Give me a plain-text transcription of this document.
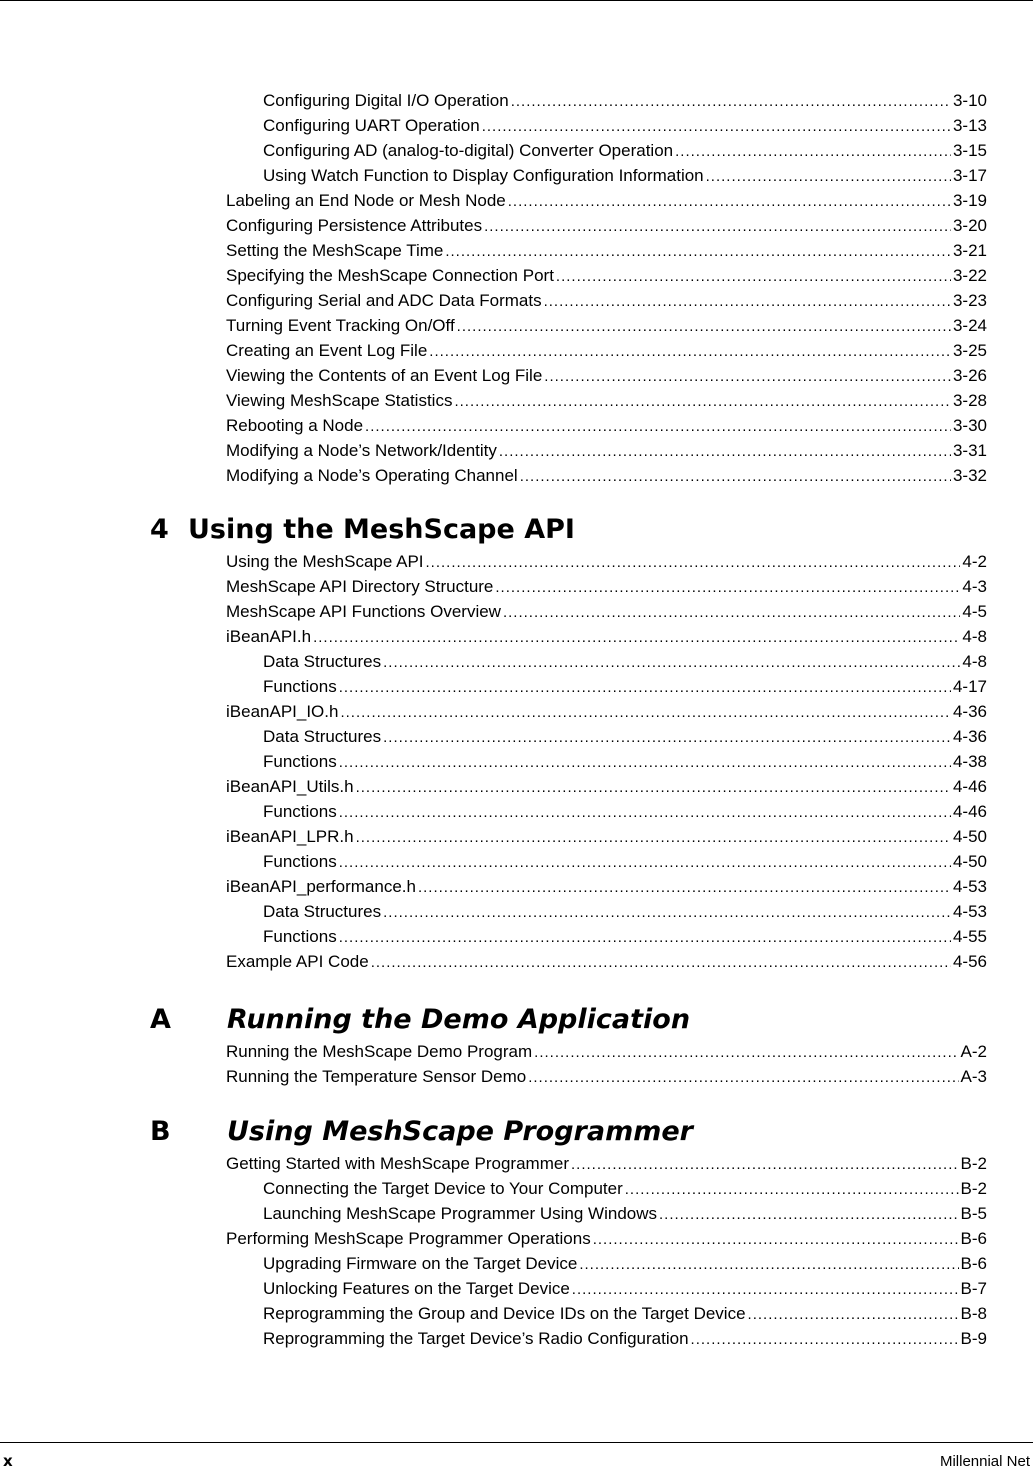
4 Using the MeshScape API
A Running the Demo Application
B Using MeshScape Programmer
Configuring Digital I/O Operation .....	3-10
Configuring UART Operation .....	3-13
Configuring AD (analog-to-digital) Converter Operation .....	3-15
Using Watch Function to Display Configuration Information .....	3-17
Labeling an End Node or Mesh Node .....	3-19
Configuring Persistence Attributes .....	3-20
Setting the MeshScape Time .....	3-21
Specifying the MeshScape Connection Port .....	3-22
Configuring Serial and ADC Data Formats .....	3-23
Turning Event Tracking On/Off .....	3-24
Creating an Event Log File .....	3-25
Viewing the Contents of an Event Log File .....	3-26
Viewing MeshScape Statistics .....	3-28
Rebooting a Node .....	3-30
Modifying a Node’s Network/Identity .....	3-31
Modifying a Node’s Operating Channel .....	3-32
Using the MeshScape API .....	4-2
MeshScape API Directory Structure .....	4-3
MeshScape API Functions Overview .....	4-5
iBeanAPI.h .....	4-8
Data Structures .....	4-8
Functions .....	4-17
iBeanAPI_IO.h .....	4-36
Data Structures .....	4-36
Functions .....	4-38
iBeanAPI_Utils.h .....	4-46
Functions .....	4-46
iBeanAPI_LPR.h .....	4-50
Functions .....	4-50
iBeanAPI_performance.h .....	4-53
Data Structures .....	4-53
Functions .....	4-55
Example API Code .....	4-56
Running the MeshScape Demo Program .....	A-2
Running the Temperature Sensor Demo .....	A-3
Getting Started with MeshScape Programmer .....	B-2
Connecting the Target Device to Your Computer .....	B-2
Launching MeshScape Programmer Using Windows .....	B-5
Performing MeshScape Programmer Operations .....	B-6
Upgrading Firmware on the Target Device .....	B-6
Unlocking Features on the Target Device .....	B-7
Reprogramming the Group and Device IDs on the Target Device .....	B-8
Reprogramming the Target Device’s Radio Configuration .....	B-9
x	Millennial Net
